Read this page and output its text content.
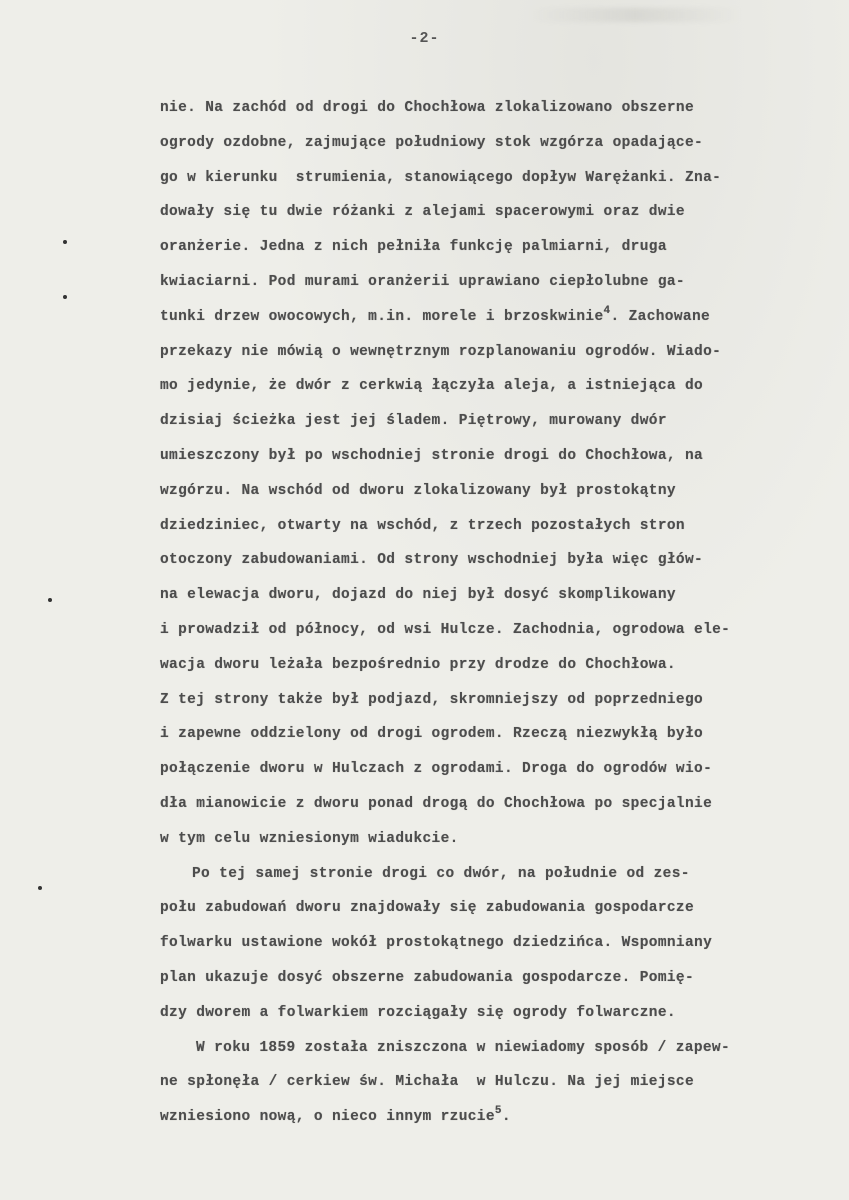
-2-
nie. Na zachód od drogi do Chochłowa zlokalizowano obszerne
ogrody ozdobne, zajmujące południowy stok wzgórza opadające-
go w kierunku  strumienia, stanowiącego dopływ Warężanki. Zna-
dowały się tu dwie różanki z alejami spacerowymi oraz dwie
oranżerie. Jedna z nich pełniła funkcję palmiarni, druga
kwiaciarni. Pod murami oranżerii uprawiano ciepłolubne ga-
tunki drzew owocowych, m.in. morele i brzoskwinie$^4$. Zachowane
przekazy nie mówią o wewnętrznym rozplanowaniu ogrodów. Wiado-
mo jedynie, że dwór z cerkwią łączyła aleja, a istniejąca do
dzisiaj ścieżka jest jej śladem. Piętrowy, murowany dwór
umieszczony był po wschodniej stronie drogi do Chochłowa, na
wzgórzu. Na wschód od dworu zlokalizowany był prostokątny
dziedziniec, otwarty na wschód, z trzech pozostałych stron
otoczony zabudowaniami. Od strony wschodniej była więc głów-
na elewacja dworu, dojazd do niej był dosyć skomplikowany
i prowadził od północy, od wsi Hulcze. Zachodnia, ogrodowa ele-
wacja dworu leżała bezpośrednio przy drodze do Chochłowa.
Z tej strony także był podjazd, skromniejszy od poprzedniego
i zapewne oddzielony od drogi ogrodem. Rzeczą niezwykłą było
połączenie dworu w Hulczach z ogrodami. Droga do ogrodów wio-
dła mianowicie z dworu ponad drogą do Chochłowa po specjalnie
w tym celu wzniesionym wiadukcie.
Po tej samej stronie drogi co dwór, na południe od zes-
połu zabudowań dworu znajdowały się zabudowania gospodarcze
folwarku ustawione wokół prostokątnego dziedzińca. Wspomniany
plan ukazuje dosyć obszerne zabudowania gospodarcze. Pomię-
dzy dworem a folwarkiem rozciągały się ogrody folwarczne.
W roku 1859 została zniszczona w niewiadomy sposób / zapew-
ne spłonęła / cerkiew św. Michała  w Hulczu. Na jej miejsce
wzniesiono nową, o nieco innym rzucie$^5$.
